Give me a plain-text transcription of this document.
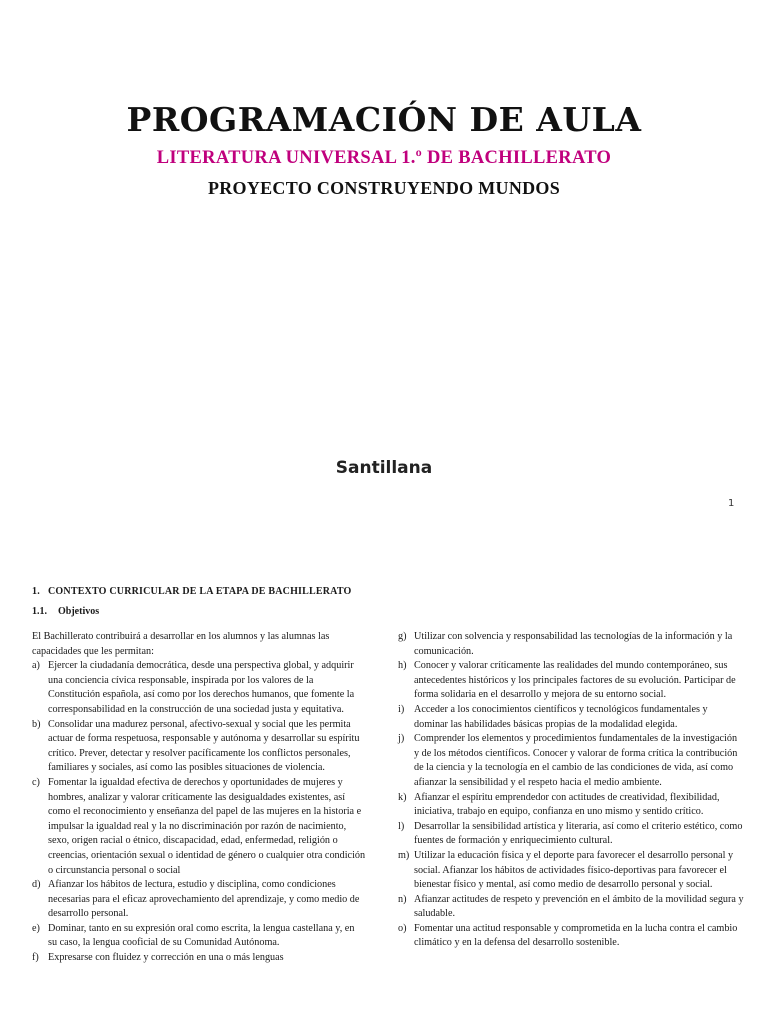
PROGRAMACIÓN DE AULA
LITERATURA UNIVERSAL 1.º DE BACHILLERATO
PROYECTO CONSTRUYENDO MUNDOS
Santillana
1
1. CONTEXTO CURRICULAR DE LA ETAPA DE BACHILLERATO
1.1. Objetivos
El Bachillerato contribuirá a desarrollar en los alumnos y las alumnas las capacidades que les permitan:
a) Ejercer la ciudadanía democrática, desde una perspectiva global, y adquirir una conciencia cívica responsable, inspirada por los valores de la Constitución española, así como por los derechos humanos, que fomente la corresponsabilidad en la construcción de una sociedad justa y equitativa.
b) Consolidar una madurez personal, afectivo-sexual y social que les permita actuar de forma respetuosa, responsable y autónoma y desarrollar su espíritu crítico. Prever, detectar y resolver pacíficamente los conflictos personales, familiares y sociales, así como las posibles situaciones de violencia.
c) Fomentar la igualdad efectiva de derechos y oportunidades de mujeres y hombres, analizar y valorar críticamente las desigualdades existentes, así como el reconocimiento y enseñanza del papel de las mujeres en la historia e impulsar la igualdad real y la no discriminación por razón de nacimiento, sexo, origen racial o étnico, discapacidad, edad, enfermedad, religión o creencias, orientación sexual o identidad de género o cualquier otra condición o circunstancia personal o social
d) Afianzar los hábitos de lectura, estudio y disciplina, como condiciones necesarias para el eficaz aprovechamiento del aprendizaje, y como medio de desarrollo personal.
e) Dominar, tanto en su expresión oral como escrita, la lengua castellana y, en su caso, la lengua cooficial de su Comunidad Autónoma.
f) Expresarse con fluidez y corrección en una o más lenguas
g) Utilizar con solvencia y responsabilidad las tecnologías de la información y la comunicación.
h) Conocer y valorar críticamente las realidades del mundo contemporáneo, sus antecedentes históricos y los principales factores de su evolución. Participar de forma solidaria en el desarrollo y mejora de su entorno social.
i) Acceder a los conocimientos científicos y tecnológicos fundamentales y dominar las habilidades básicas propias de la modalidad elegida.
j) Comprender los elementos y procedimientos fundamentales de la investigación y de los métodos científicos. Conocer y valorar de forma crítica la contribución de la ciencia y la tecnología en el cambio de las condiciones de vida, así como afianzar la sensibilidad y el respeto hacia el medio ambiente.
k) Afianzar el espíritu emprendedor con actitudes de creatividad, flexibilidad, iniciativa, trabajo en equipo, confianza en uno mismo y sentido crítico.
l) Desarrollar la sensibilidad artística y literaria, así como el criterio estético, como fuentes de formación y enriquecimiento cultural.
m) Utilizar la educación física y el deporte para favorecer el desarrollo personal y social. Afianzar los hábitos de actividades físico-deportivas para favorecer el bienestar físico y mental, así como medio de desarrollo personal y social.
n) Afianzar actitudes de respeto y prevención en el ámbito de la movilidad segura y saludable.
o) Fomentar una actitud responsable y comprometida en la lucha contra el cambio climático y en la defensa del desarrollo sostenible.
